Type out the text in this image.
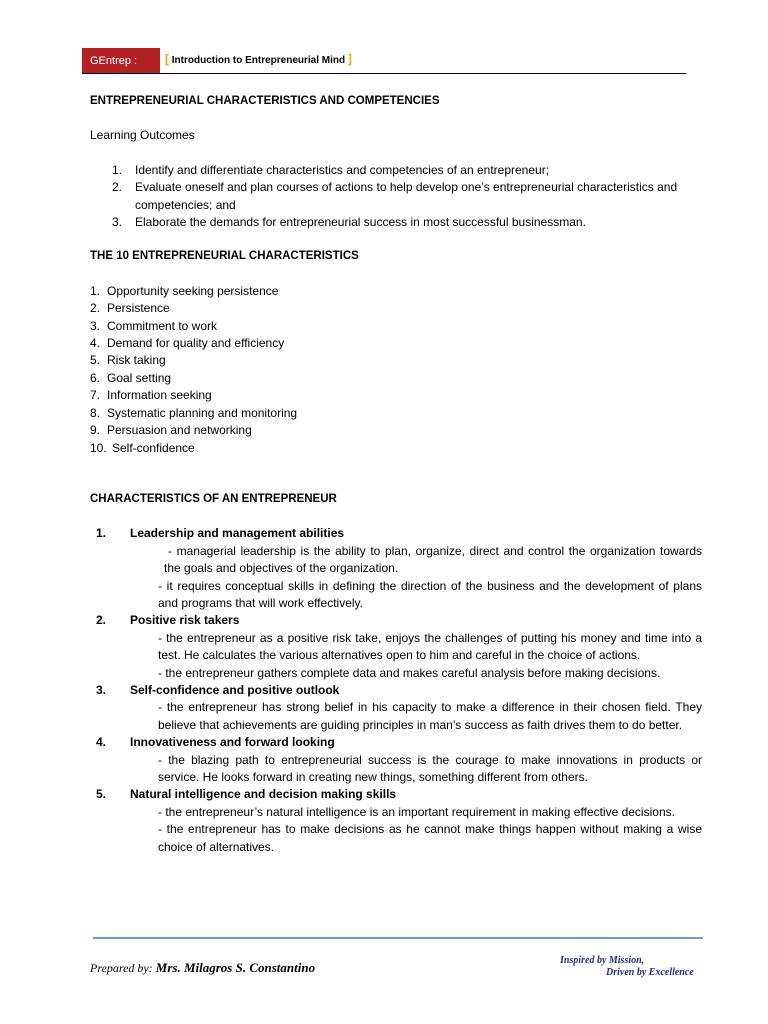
GEntrep :	[ Introduction to Entrepreneurial Mind ]
ENTREPRENEURIAL CHARACTERISTICS AND COMPETENCIES
Learning Outcomes
1.	Identify and differentiate characteristics and competencies of an entrepreneur;
2.	Evaluate oneself and plan courses of actions to help develop one’s entrepreneurial characteristics and competencies; and
3.	Elaborate the demands for entrepreneurial success in most successful businessman.
THE 10 ENTREPRENEURIAL CHARACTERISTICS
1. Opportunity seeking persistence
2. Persistence
3. Commitment to work
4. Demand for quality and efficiency
5. Risk taking
6. Goal setting
7. Information seeking
8. Systematic planning and monitoring
9. Persuasion and networking
10. Self-confidence
CHARACTERISTICS OF AN ENTREPRENEUR
1.	Leadership and management abilities
- managerial leadership is the ability to plan, organize, direct and control the organization towards the goals and objectives of the organization.
- it requires conceptual skills in defining the direction of the business and the development of plans and programs that will work effectively.
2.	Positive risk takers
- the entrepreneur as a positive risk take, enjoys the challenges of putting his money and time into a test. He calculates the various alternatives open to him and careful in the choice of actions.
- the entrepreneur gathers complete data and makes careful analysis before making decisions.
3.	Self-confidence and positive outlook
- the entrepreneur has strong belief in his capacity to make a difference in their chosen field. They believe that achievements are guiding principles in man’s success as faith drives them to do better.
4.	Innovativeness and forward looking
- the blazing path to entrepreneurial success is the courage to make innovations in products or service. He looks forward in creating new things, something different from others.
5.	Natural intelligence and decision making skills
- the entrepreneur’s natural intelligence is an important requirement in making effective decisions.
- the entrepreneur has to make decisions as he cannot make things happen without making a wise choice of alternatives.
Prepared by: Mrs. Milagros S. Constantino	Inspired by Mission,
Driven by Excellence
